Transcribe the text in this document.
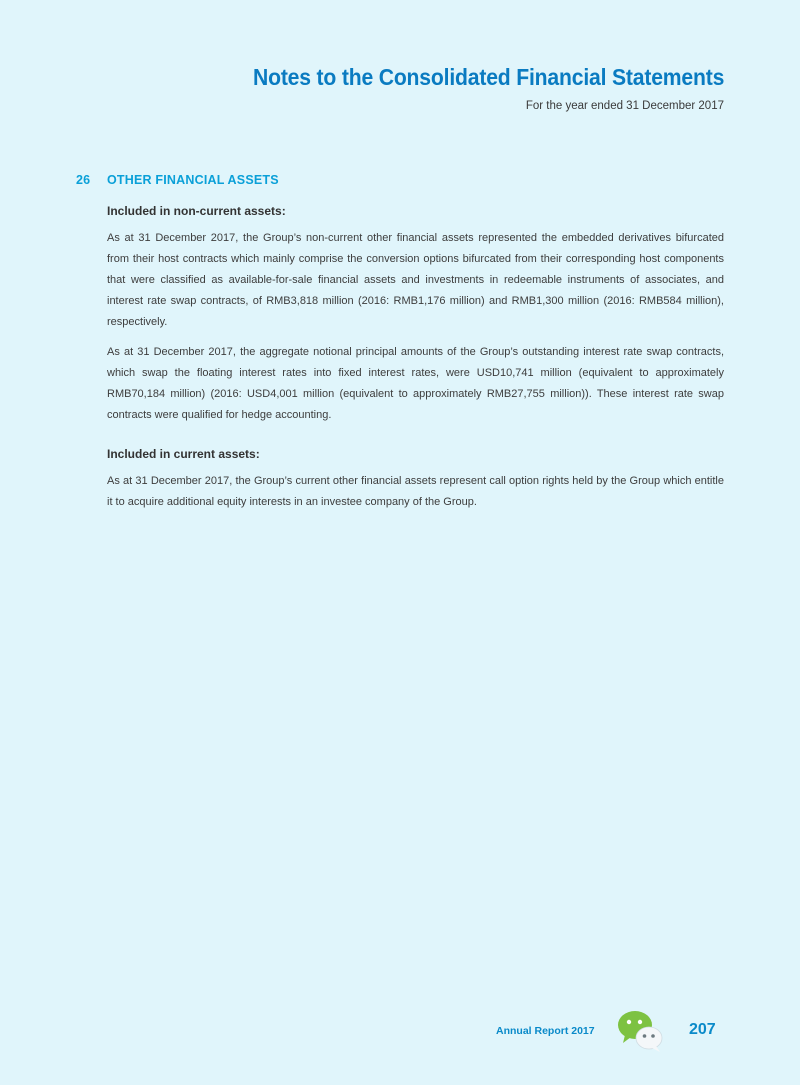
Notes to the Consolidated Financial Statements
For the year ended 31 December 2017
26	OTHER FINANCIAL ASSETS
Included in non-current assets:

As at 31 December 2017, the Group’s non-current other financial assets represented the embedded derivatives bifurcated from their host contracts which mainly comprise the conversion options bifurcated from their corresponding host components that were classified as available-for-sale financial assets and investments in redeemable instruments of associates, and interest rate swap contracts, of RMB3,818 million (2016: RMB1,176 million) and RMB1,300 million (2016: RMB584 million), respectively.

As at 31 December 2017, the aggregate notional principal amounts of the Group’s outstanding interest rate swap contracts, which swap the floating interest rates into fixed interest rates, were USD10,741 million (equivalent to approximately RMB70,184 million) (2016: USD4,001 million (equivalent to approximately RMB27,755 million)). These interest rate swap contracts were qualified for hedge accounting.

Included in current assets:

As at 31 December 2017, the Group’s current other financial assets represent call option rights held by the Group which entitle it to acquire additional equity interests in an investee company of the Group.

Annual Report 2017	207
